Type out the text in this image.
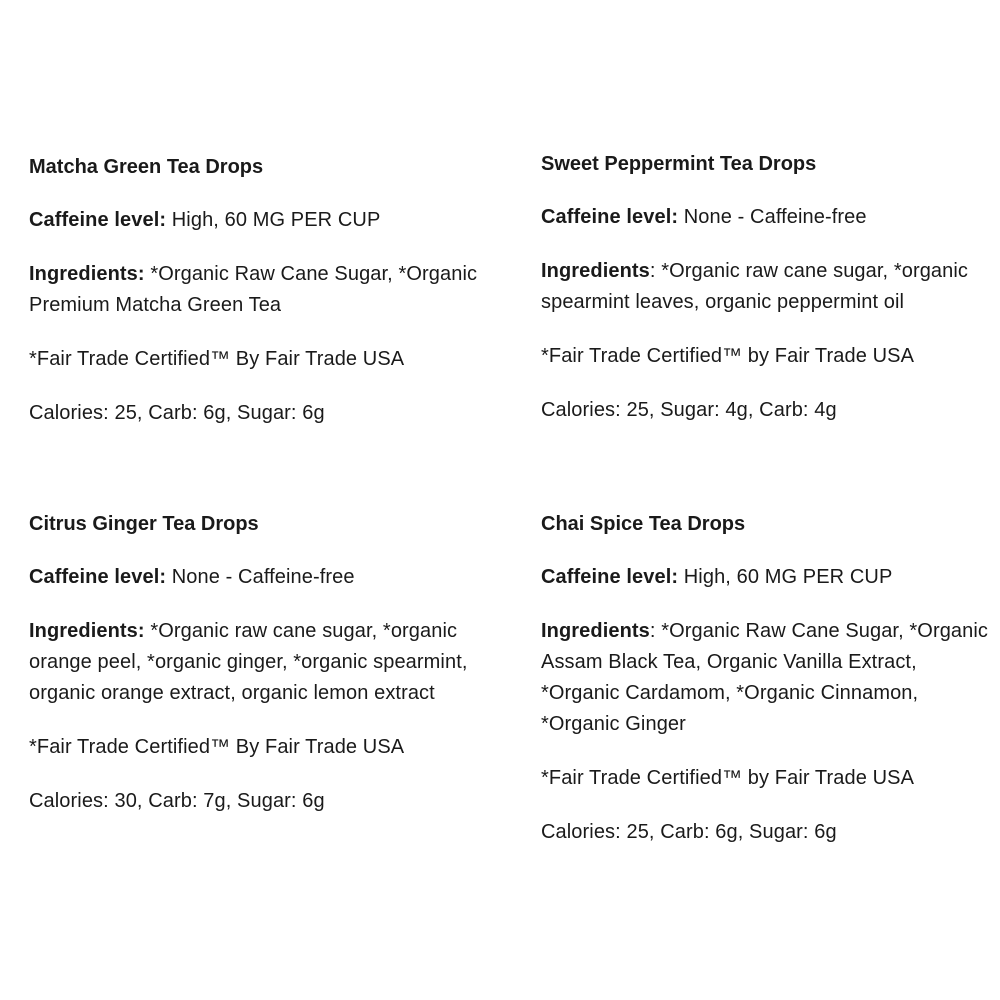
Matcha Green Tea Drops
Caffeine level: High, 60 MG PER CUP
Ingredients: *Organic Raw Cane Sugar, *Organic Premium Matcha Green Tea
*Fair Trade Certified™ By Fair Trade USA
Calories: 25, Carb: 6g, Sugar: 6g
Sweet Peppermint Tea Drops
Caffeine level: None - Caffeine-free
Ingredients: *Organic raw cane sugar, *organic spearmint leaves, organic peppermint oil
*Fair Trade Certified™ by Fair Trade USA
Calories: 25, Sugar: 4g, Carb: 4g
Citrus Ginger Tea Drops
Caffeine level: None - Caffeine-free
Ingredients: *Organic raw cane sugar, *organic orange peel, *organic ginger, *organic spearmint, organic orange extract, organic lemon extract
*Fair Trade Certified™ By Fair Trade USA
Calories: 30, Carb: 7g, Sugar: 6g
Chai Spice Tea Drops
Caffeine level: High, 60 MG PER CUP
Ingredients: *Organic Raw Cane Sugar, *Organic Assam Black Tea, Organic Vanilla Extract, *Organic Cardamom, *Organic Cinnamon, *Organic Ginger
*Fair Trade Certified™ by Fair Trade USA
Calories: 25, Carb: 6g, Sugar: 6g
